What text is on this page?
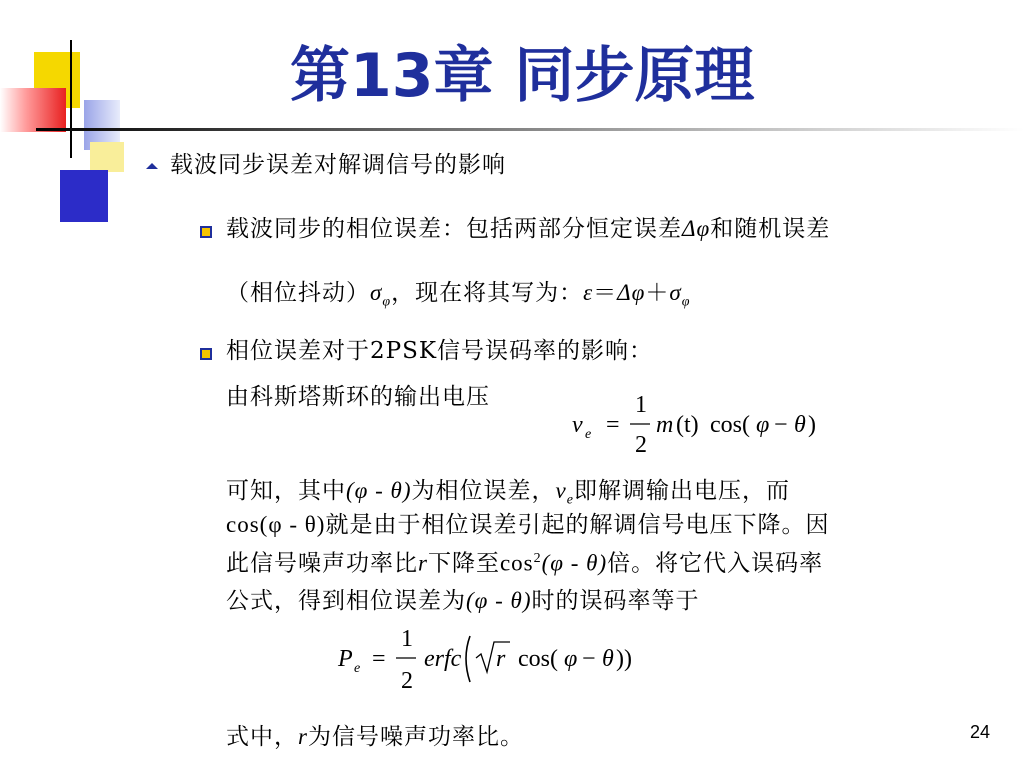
第13章 同步原理
载波同步误差对解调信号的影响
载波同步的相位误差：包括两部分恒定误差Δφ和随机误差
（相位抖动）$\sigma_\varphi$，现在将其写为：$\varepsilon=\Delta\varphi+\sigma_\varphi$
相位误差对于2PSK信号误码率的影响：
由科斯塔斯环的输出电压
v e =
1
2
m (t) cos( φ − θ )
可知，其中(φ - θ)为相位误差，$v_e$即解调输出电压，而
cos(φ - θ)就是由于相位误差引起的解调信号电压下降。因
此信号噪声功率比r下降至$\cos^2(\varphi - \theta)$倍。将它代入误码率
公式，得到相位误差为(φ - θ)时的误码率等于
P e =
1
2
erfc r cos( φ − θ ))
式中，r为信号噪声功率比。	24
